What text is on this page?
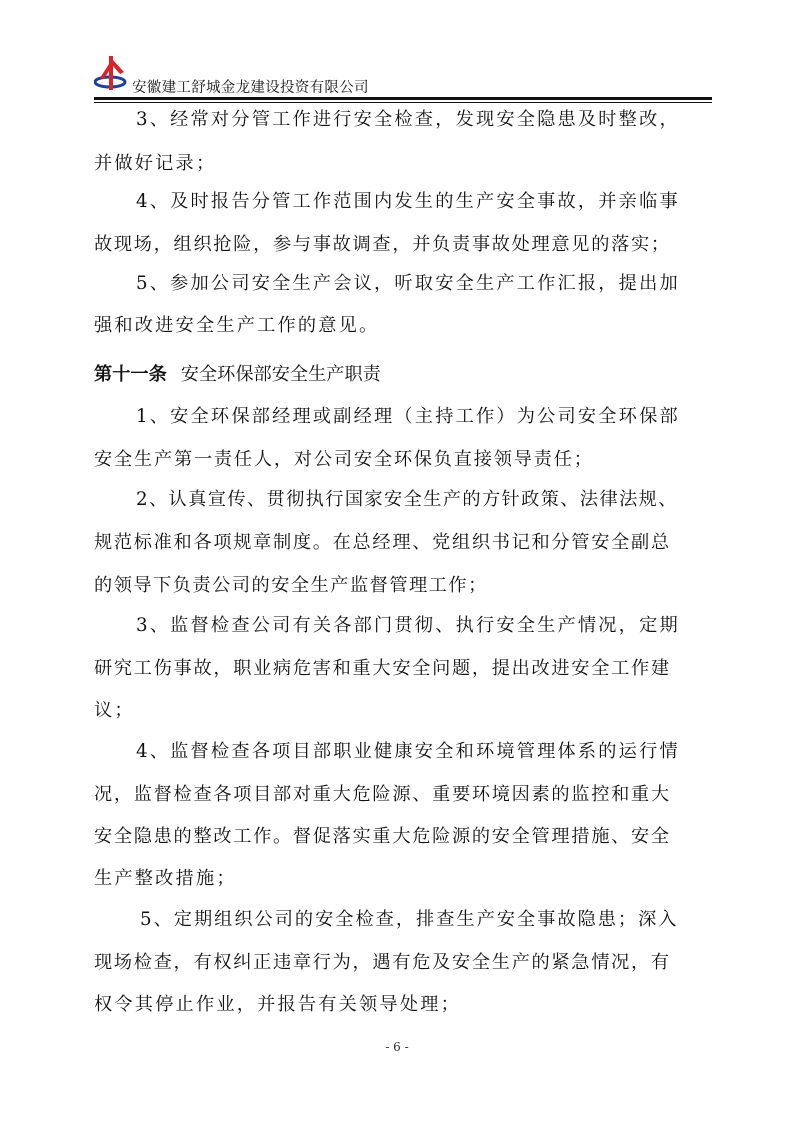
安徽建工舒城金龙建设投资有限公司
3、经常对分管工作进行安全检查，发现安全隐患及时整改，
并做好记录；
4、及时报告分管工作范围内发生的生产安全事故，并亲临事
故现场，组织抢险，参与事故调查，并负责事故处理意见的落实；
5、参加公司安全生产会议，听取安全生产工作汇报，提出加
强和改进安全生产工作的意见。
第十一条 安全环保部安全生产职责
1、安全环保部经理或副经理（主持工作）为公司安全环保部
安全生产第一责任人，对公司安全环保负直接领导责任；
2、认真宣传、贯彻执行国家安全生产的方针政策、法律法规、
规范标准和各项规章制度。在总经理、党组织书记和分管安全副总
的领导下负责公司的安全生产监督管理工作；
3、监督检查公司有关各部门贯彻、执行安全生产情况，定期
研究工伤事故，职业病危害和重大安全问题，提出改进安全工作建
议；
4、监督检查各项目部职业健康安全和环境管理体系的运行情
况，监督检查各项目部对重大危险源、重要环境因素的监控和重大
安全隐患的整改工作。督促落实重大危险源的安全管理措施、安全
生产整改措施；
5、定期组织公司的安全检查，排查生产安全事故隐患；深入
现场检查，有权纠正违章行为，遇有危及安全生产的紧急情况，有
权令其停止作业，并报告有关领导处理；
- 6 -
